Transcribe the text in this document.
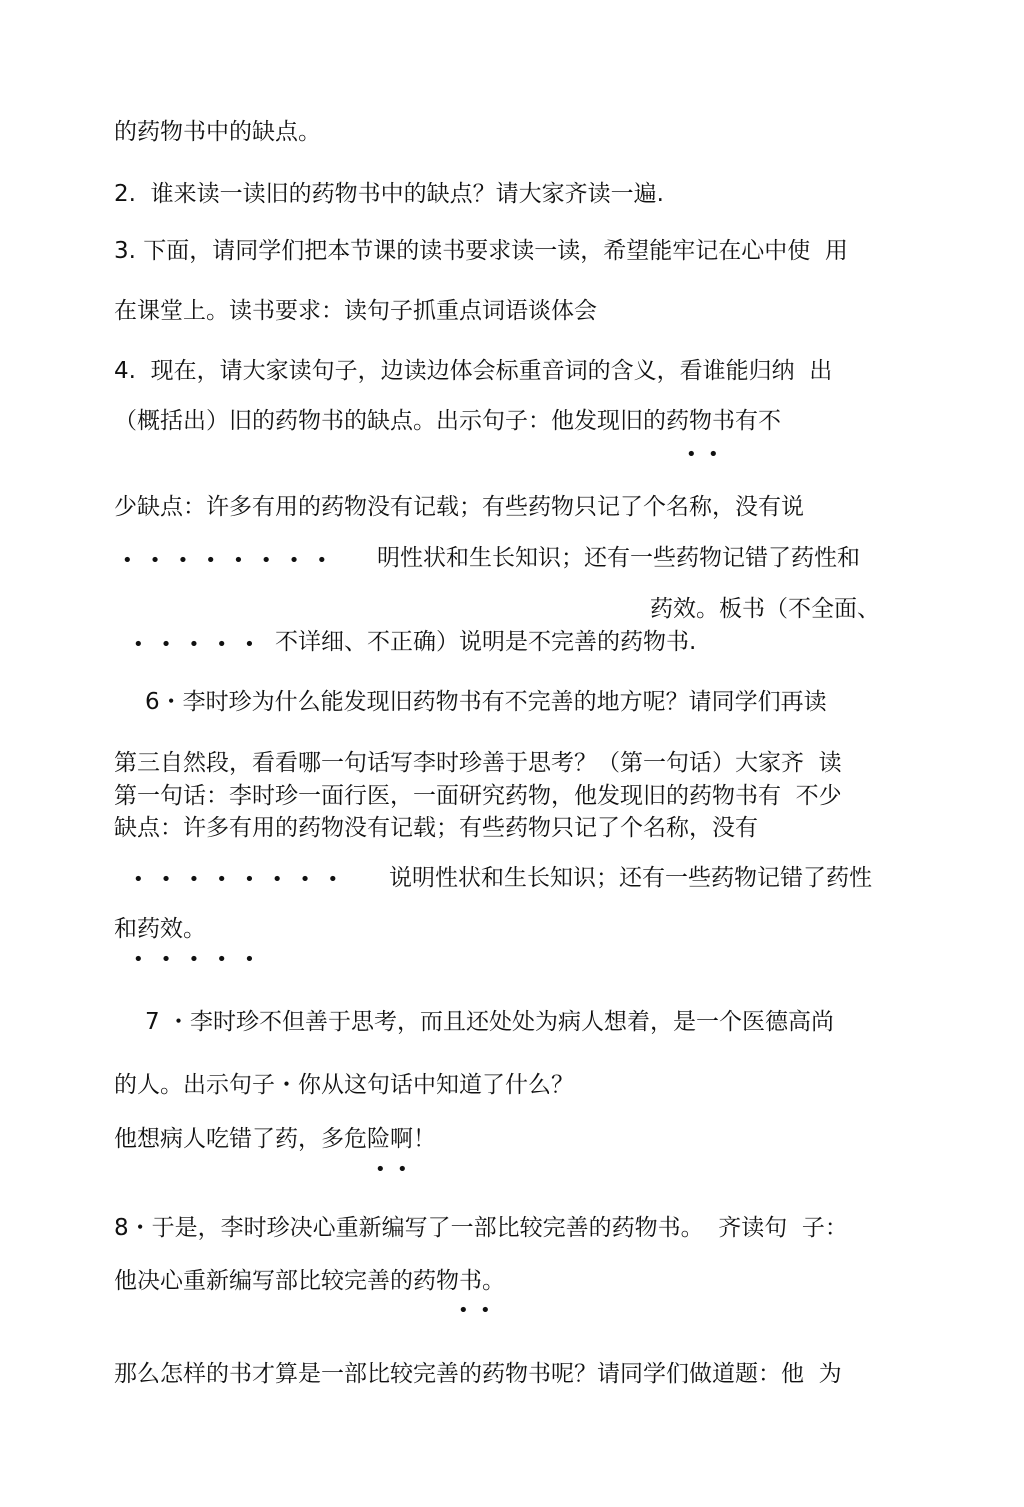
的药物书中的缺点。
2.  谁来读一读旧的药物书中的缺点？请大家齐读一遍.
3. 下面，请同学们把本节课的读书要求读一读，希望能牢记在心中使  用
在课堂上。读书要求：读句子抓重点词语谈体会
4.  现在，请大家读句子，边读边体会标重音词的含义，看谁能归纳  出
（概括出）旧的药物书的缺点。出示句子：他发现旧的药物书有不
•  •
少缺点：许多有用的药物没有记载；有些药物只记了个名称，没有说
•   •   •   •   •   •   •   • 明性状和生长知识；还有一些药物记错了药性和
药效。板书（不全面、
•   •   •   •   • 不详细、不正确）说明是不完善的药物书.
6・李时珍为什么能发现旧药物书有不完善的地方呢？请同学们再读
第三自然段，看看哪一句话写李时珍善于思考？（第一句话）大家齐  读
第一句话：李时珍一面行医，一面研究药物，他发现旧的药物书有  不少
缺点：许多有用的药物没有记载；有些药物只记了个名称，没有
•   •   •   •   •   •   •   • 说明性状和生长知识；还有一些药物记错了药性
和药效。
•   •   •   •   •
7 ・李时珍不但善于思考，而且还处处为病人想着，是一个医德高尚
的人。出示句子・你从这句话中知道了什么？
他想病人吃错了药，多危险啊！
•  •
8・于是，李时珍决心重新编写了一部比较完善的药物书。  齐读句  子：
他决心重新编写部比较完善的药物书。
•  •
那么怎样的书才算是一部比较完善的药物书呢？请同学们做道题：他  为
